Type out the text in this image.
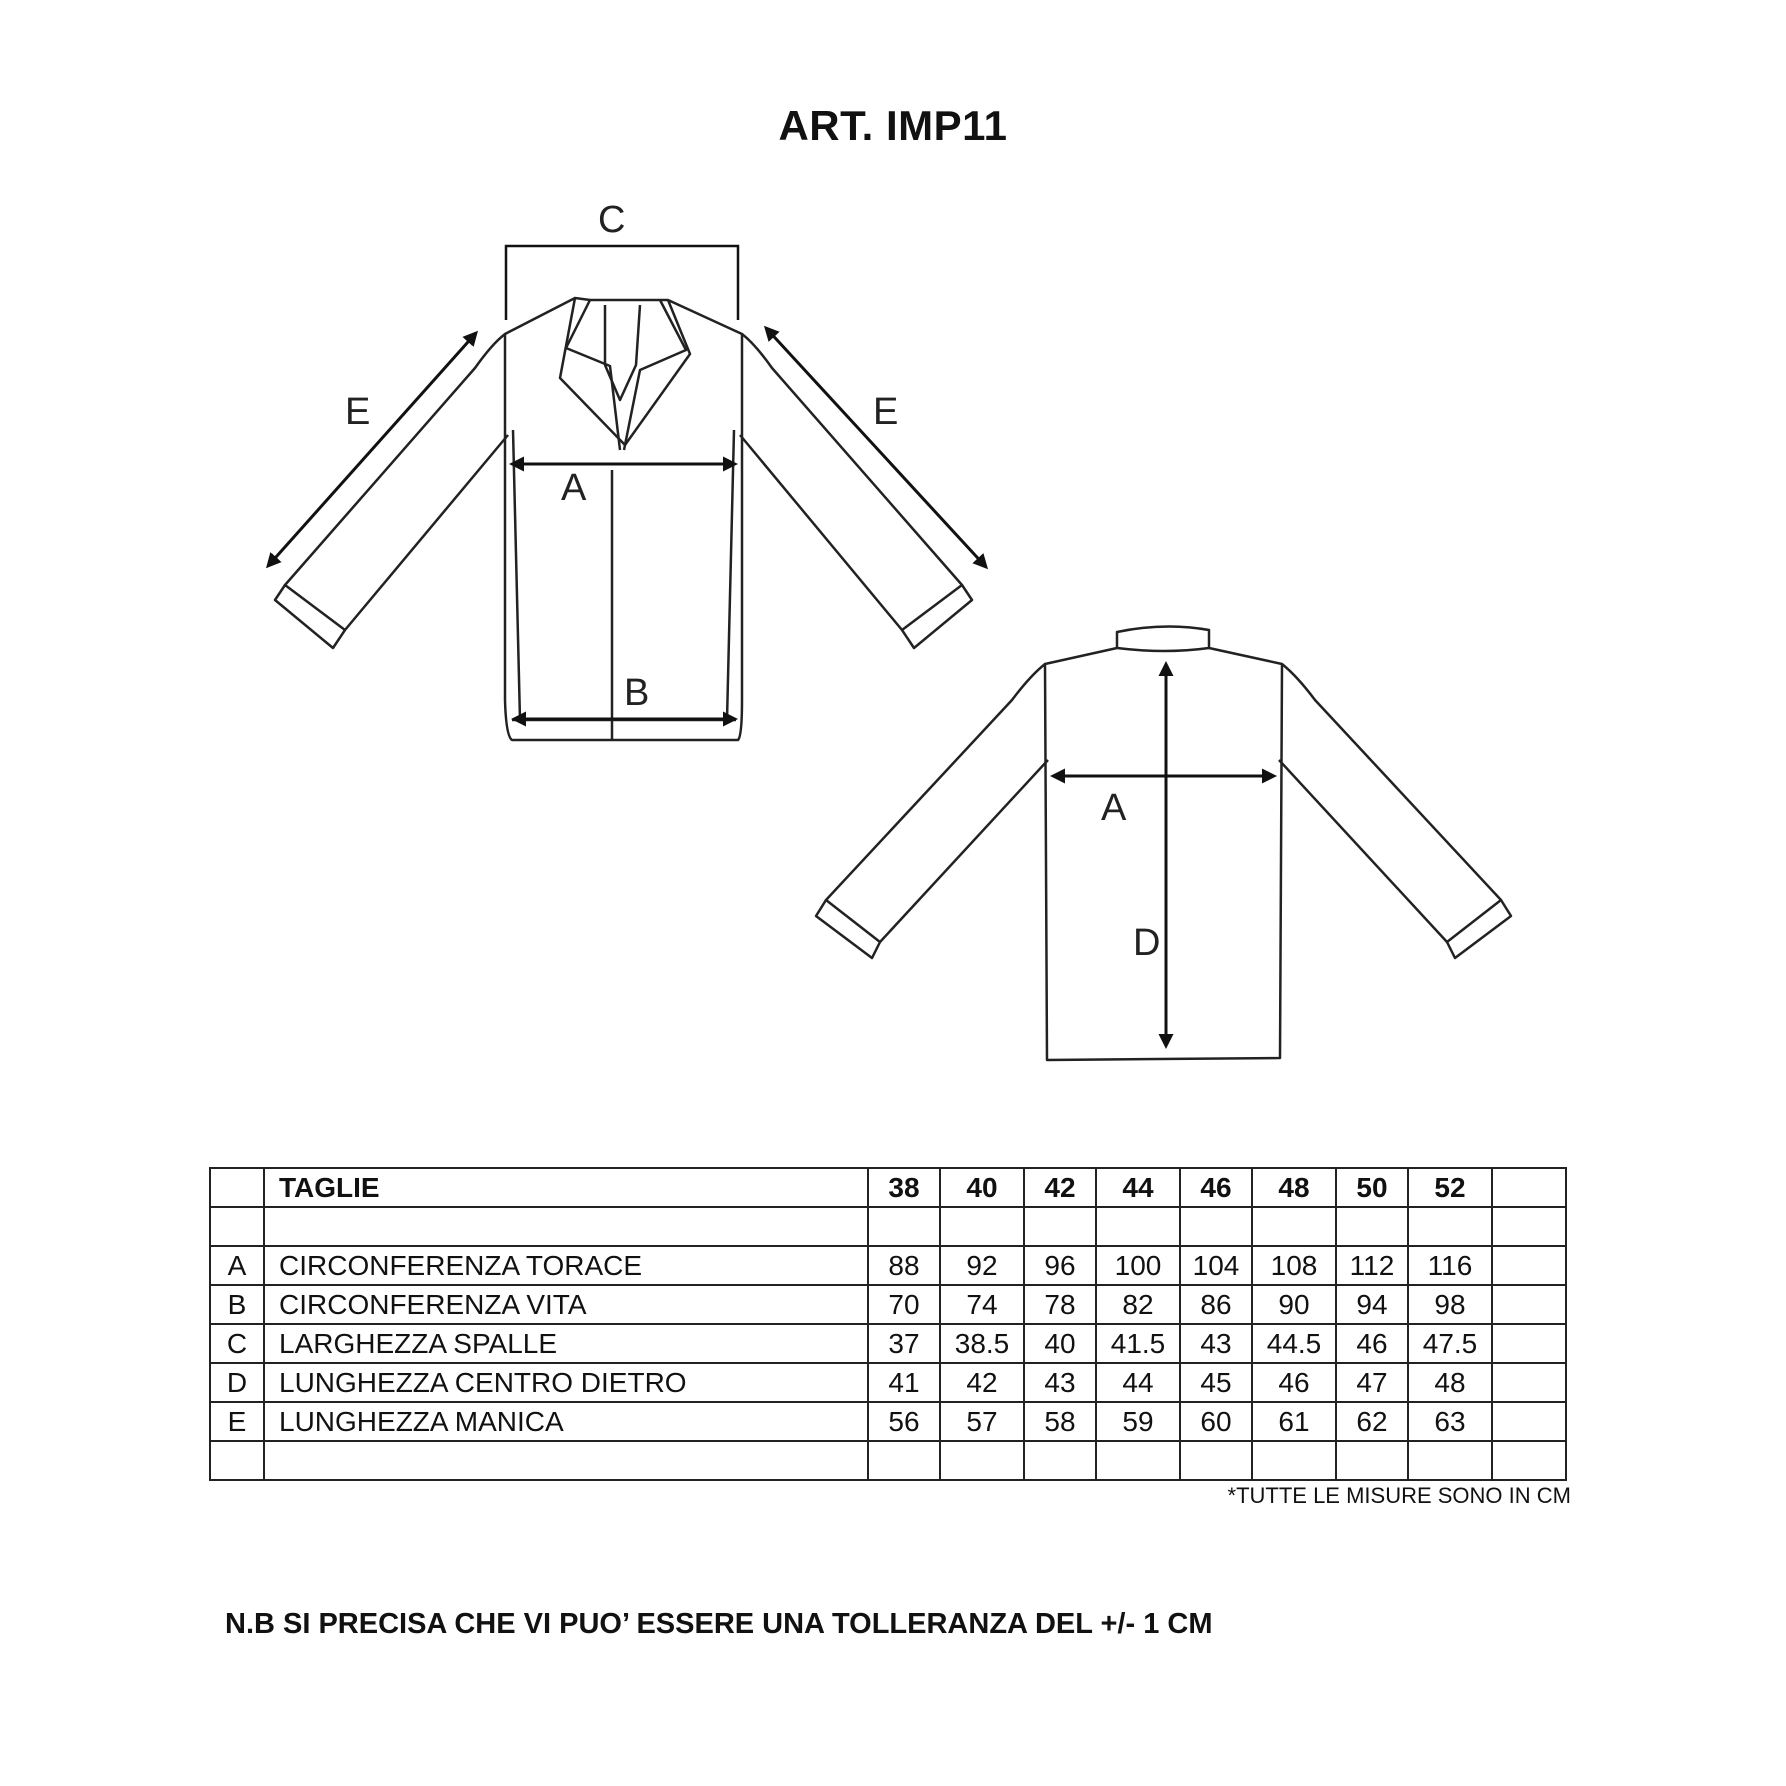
ART. IMP11
C
E	E
A
B
A
D
	TAGLIE	38	40	42	44	46	48	50	52	

A	CIRCONFERENZA TORACE	88	92	96	100	104	108	112	116	
B	CIRCONFERENZA VITA	70	74	78	82	86	90	94	98	
C	LARGHEZZA SPALLE	37	38.5	40	41.5	43	44.5	46	47.5	
D	LUNGHEZZA CENTRO DIETRO	41	42	43	44	45	46	47	48	
E	LUNGHEZZA MANICA	56	57	58	59	60	61	62	63	

*TUTTE LE MISURE SONO IN CM
N.B SI PRECISA CHE VI PUO’ ESSERE UNA TOLLERANZA DEL +/- 1 CM
